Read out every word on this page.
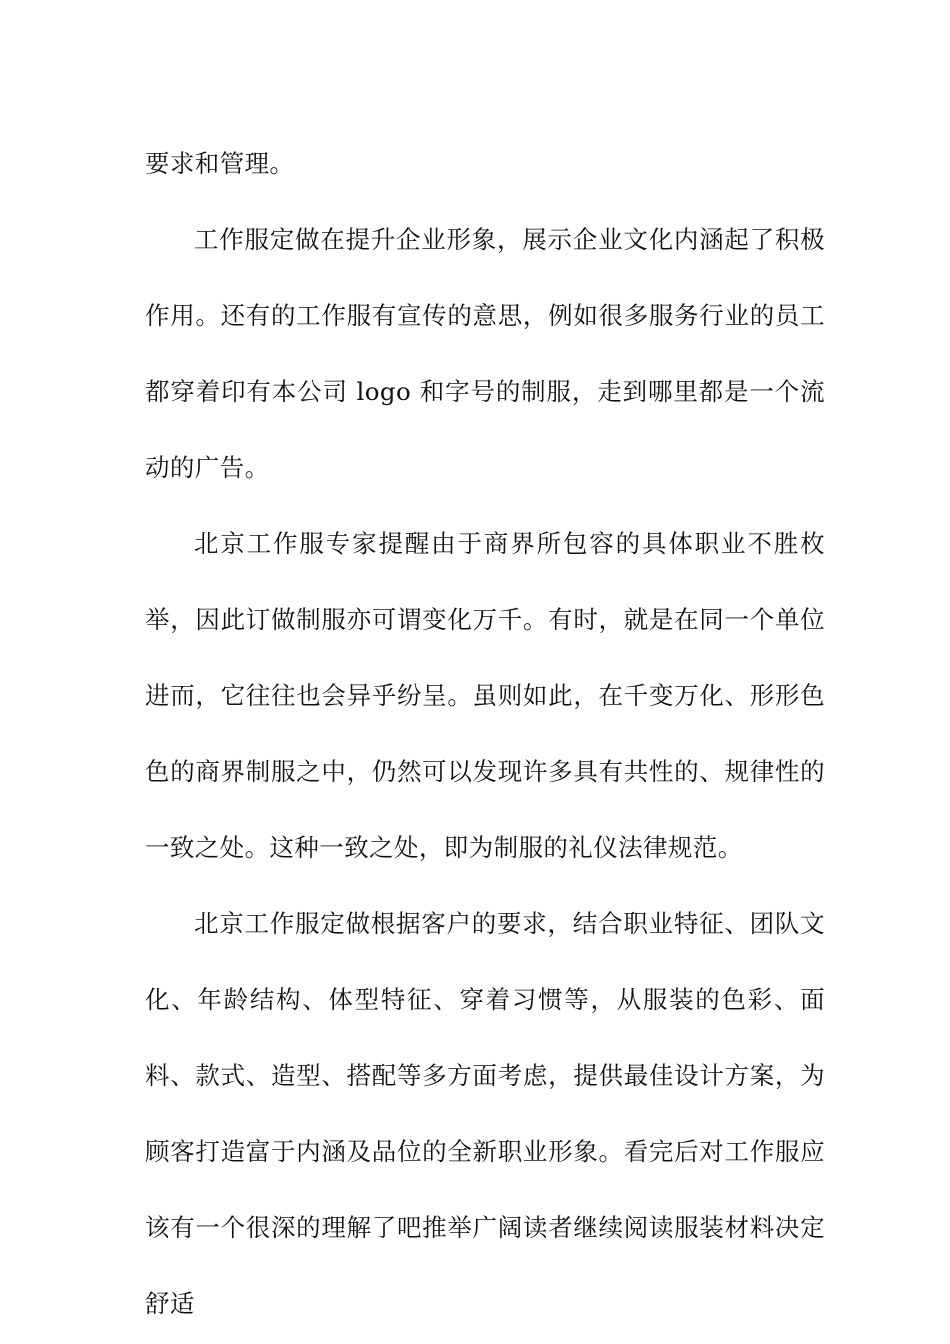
要求和管理。

工作服定做在提升企业形象，展示企业文化内涵起了积极作用。还有的工作服有宣传的意思，例如很多服务行业的员工都穿着印有本公司 logo 和字号的制服，走到哪里都是一个流动的广告。

北京工作服专家提醒由于商界所包容的具体职业不胜枚举，因此订做制服亦可谓变化万千。有时，就是在同一个单位进而，它往往也会异乎纷呈。虽则如此，在千变万化、形形色色的商界制服之中，仍然可以发现许多具有共性的、规律性的一致之处。这种一致之处，即为制服的礼仪法律规范。

北京工作服定做根据客户的要求，结合职业特征、团队文化、年龄结构、体型特征、穿着习惯等，从服装的色彩、面料、款式、造型、搭配等多方面考虑，提供最佳设计方案，为顾客打造富于内涵及品位的全新职业形象。看完后对工作服应该有一个很深的理解了吧推举广阔读者继续阅读服装材料决定舒适
